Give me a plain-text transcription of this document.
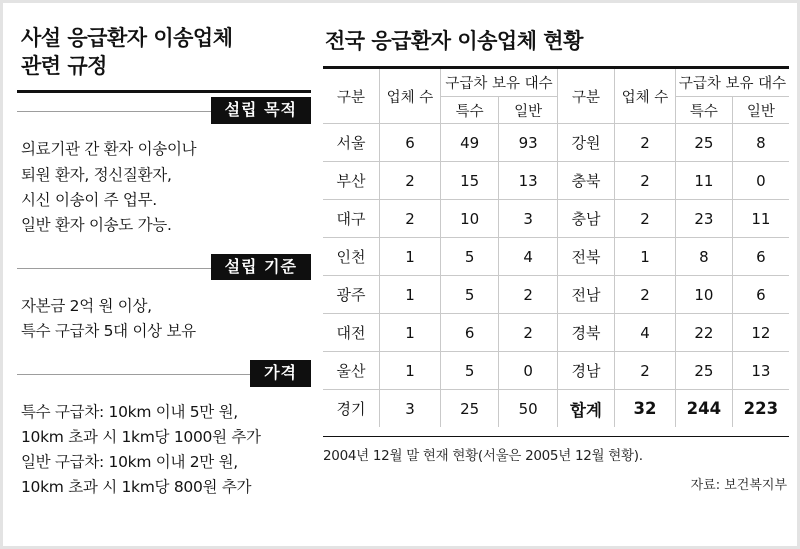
사설 응급환자 이송업체
관련 규정
설립 목적
의료기관 간 환자 이송이나
퇴원 환자, 정신질환자,
시신 이송이 주 업무.
일반 환자 이송도 가능.
설립 기준
자본금 2억 원 이상,
특수 구급차 5대 이상 보유
가격
특수 구급차: 10km 이내 5만 원,
10km 초과 시 1km당 1000원 추가
일반 구급차: 10km 이내 2만 원,
10km 초과 시 1km당 800원 추가
전국 응급환자 이송업체 현황
구분	업체 수	구급차 보유 대수	
		특수	일반
서울	6	49	93
부산	2	15	13
대구	2	10	3
인천	1	5	4
광주	1	5	2
대전	1	6	2
울산	1	5	0
경기	3	25	50
구분	업체 수	구급차 보유 대수	
		특수	일반
강원	2	25	8
충북	2	11	0
충남	2	23	11
전북	1	8	6
전남	2	10	6
경북	4	22	12
경남	2	25	13
합계	32	244	223
2004년 12월 말 현재 현황(서울은 2005년 12월 현황).
자료: 보건복지부
